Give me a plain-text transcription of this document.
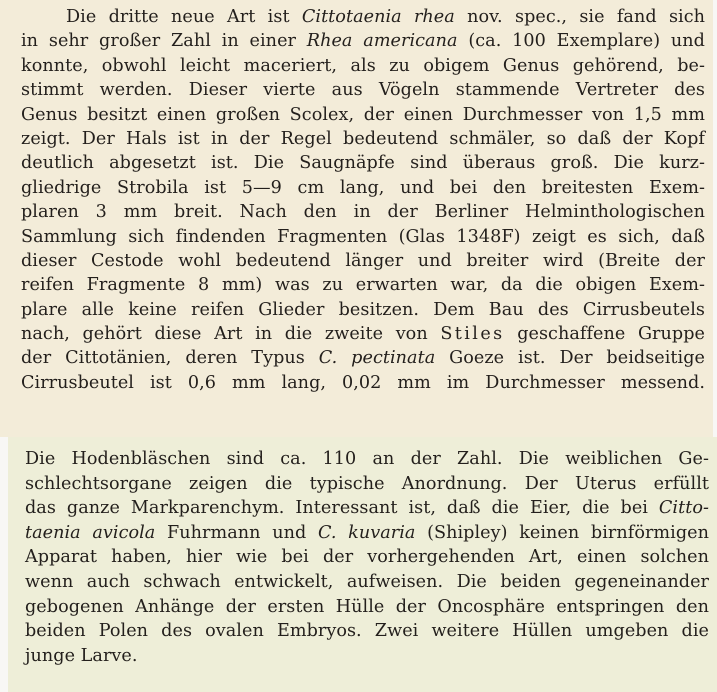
Die dritte neue Art ist Cittotaenia rhea nov. spec., sie fand sich
in sehr großer Zahl in einer Rhea americana (ca. 100 Exemplare) und
konnte, obwohl leicht maceriert, als zu obigem Genus gehörend, be-
stimmt werden. Dieser vierte aus Vögeln stammende Vertreter des
Genus besitzt einen großen Scolex, der einen Durchmesser von 1,5 mm
zeigt. Der Hals ist in der Regel bedeutend schmäler, so daß der Kopf
deutlich abgesetzt ist. Die Saugnäpfe sind überaus groß. Die kurz-
gliedrige Strobila ist 5—9 cm lang, und bei den breitesten Exem-
plaren 3 mm breit. Nach den in der Berliner Helminthologischen
Sammlung sich findenden Fragmenten (Glas 1348F) zeigt es sich, daß
dieser Cestode wohl bedeutend länger und breiter wird (Breite der
reifen Fragmente 8 mm) was zu erwarten war, da die obigen Exem-
plare alle keine reifen Glieder besitzen. Dem Bau des Cirrusbeutels
nach, gehört diese Art in die zweite von Stiles geschaffene Gruppe
der Cittotänien, deren Typus C. pectinata Goeze ist. Der beidseitige
Cirrusbeutel ist 0,6 mm lang, 0,02 mm im Durchmesser messend.
Die Hodenbläschen sind ca. 110 an der Zahl. Die weiblichen Ge-
schlechtsorgane zeigen die typische Anordnung. Der Uterus erfüllt
das ganze Markparenchym. Interessant ist, daß die Eier, die bei Citto-
taenia avicola Fuhrmann und C. kuvaria (Shipley) keinen birnförmigen
Apparat haben, hier wie bei der vorhergehenden Art, einen solchen
wenn auch schwach entwickelt, aufweisen. Die beiden gegeneinander
gebogenen Anhänge der ersten Hülle der Oncosphäre entspringen den
beiden Polen des ovalen Embryos. Zwei weitere Hüllen umgeben die
junge Larve.
